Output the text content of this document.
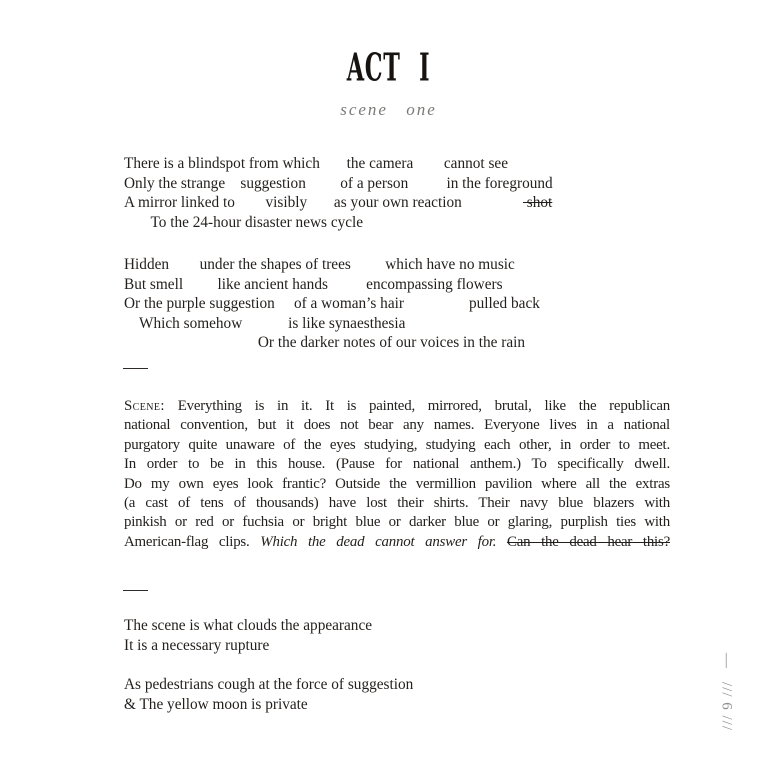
ACT I
scene one
There is a blindspot from which       the camera        cannot see
Only the strange    suggestion         of a person          in the foreground
A mirror linked to        visibly       as your own reaction	shot
To the 24-hour disaster news cycle
Hidden        under the shapes of trees         which have no music
But smell         like ancient hands          encompassing flowers
Or the purple suggestion     of a woman’s hair                 pulled back
Which somehow            is like synaesthesia
Or the darker notes of our voices in the rain
Scene: Everything is in it. It is painted, mirrored, brutal, like the republican
national convention, but it does not bear any names. Everyone lives in a national
purgatory quite unaware of the eyes studying, studying each other, in order to meet.
In order to be in this house. (Pause for national anthem.) To specifically dwell.
Do my own eyes look frantic? Outside the vermillion pavilion where all the extras
(a cast of tens of thousands) have lost their shirts. Their navy blue blazers with
pinkish or red or fuchsia or bright blue or darker blue or glaring, purplish ties with
American-flag clips. Which the dead cannot answer for. Can the dead hear this?
The scene is what clouds the appearance
It is a necessary rupture
As pedestrians cough at the force of suggestion
& The yellow moon is private
—
/// 6 ///
